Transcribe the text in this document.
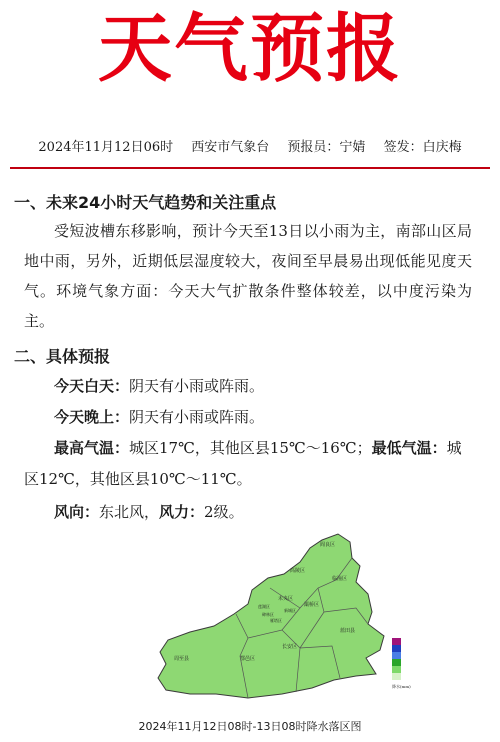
天气预报
2024年11月12日06时 西安市气象台 预报员：宁婧 签发：白庆梅
一、未来24小时天气趋势和关注重点
受短波槽东移影响，预计今天至13日以小雨为主，南部山区局地中雨，另外，近期低层湿度较大，夜间至早晨易出现低能见度天气。环境气象方面：今天大气扩散条件整体较差，以中度污染为主。
二、具体预报
今天白天：阴天有小雨或阵雨。
今天晚上：阴天有小雨或阵雨。
最高气温：城区17℃，其他区县15℃～16℃；最低气温：城
区12℃，其他区县10℃～11℃。
风向：东北风，风力：2级。
阎良区
高陵区
临潼区
未央区
灞桥区
蓝田县
鄠邑区
周至县
长安区
莲湖区
新城区
雁塔区
碑林区
降水(mm)
2024年11月12日08时-13日08时降水落区图
